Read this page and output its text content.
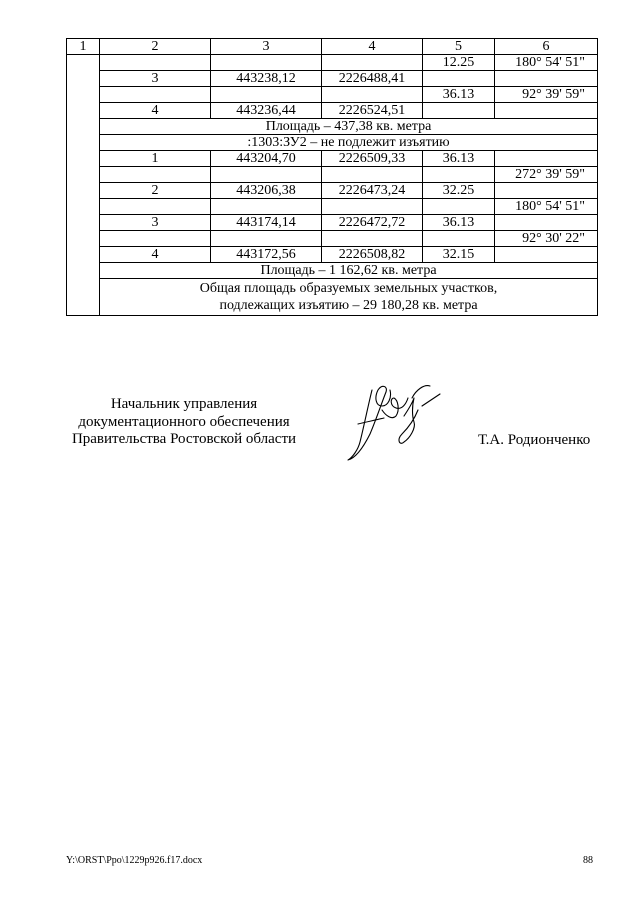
1	2	3	4	5	6
				12.25	180° 54' 51"
	3	443238,12	2226488,41		
				36.13	92° 39' 59"
	4	443236,44	2226524,51		
	Площадь – 437,38 кв. метра				
	:1303:ЗУ2 – не подлежит изъятию				
	1	443204,70	2226509,33	36.13	
					272° 39' 59"
	2	443206,38	2226473,24	32.25	
					180° 54' 51"
	3	443174,14	2226472,72	36.13	
					92° 30' 22"
	4	443172,56	2226508,82	32.15	
	Площадь – 1 162,62 кв. метра				
	Общая площадь образуемых земельных участков,
подлежащих изъятию – 29 180,28 кв. метра				
Начальник управления
документационного обеспечения
Правительства Ростовской области	Т.А. Родионченко
Y:\ORST\Ppo\1229p926.f17.docx	88
